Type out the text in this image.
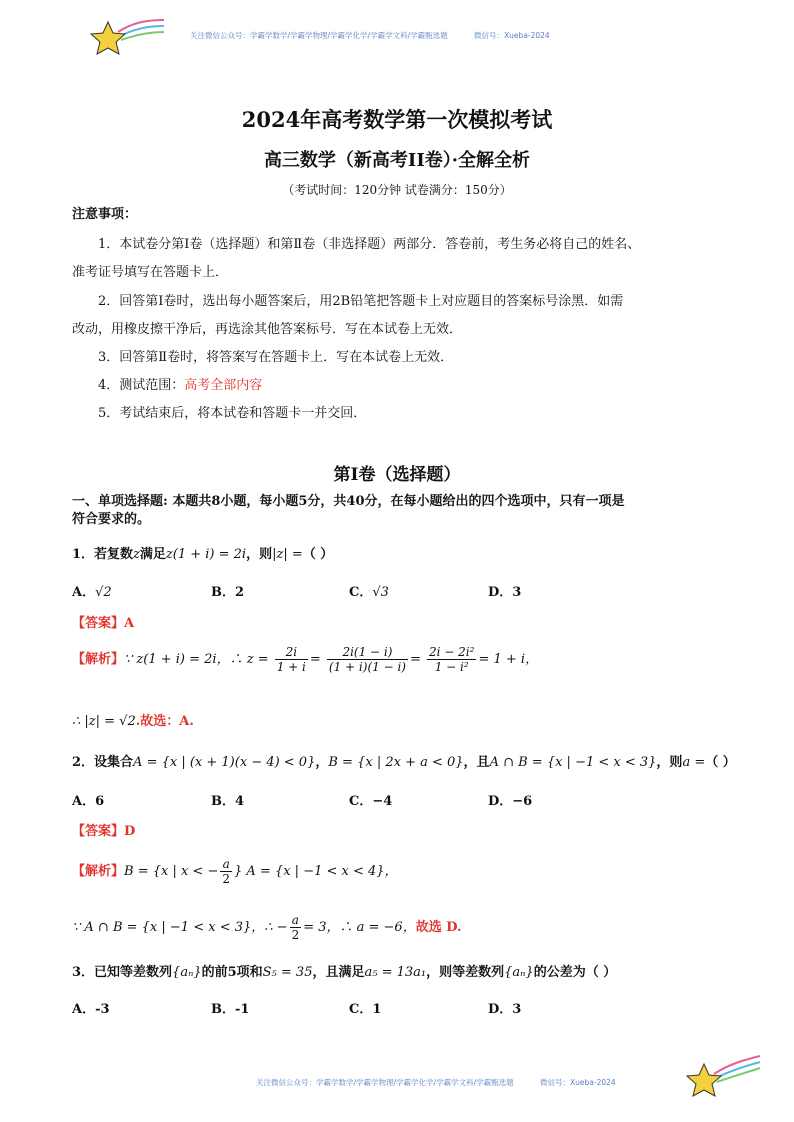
关注微信公众号：学霸学数学/学霸学物理/学霸学化学/学霸学文科/学霸甄选题	微信号：Xueba-2024
2024年高考数学第一次模拟考试
高三数学（新高考II卷）·全解全析
（考试时间：120分钟 试卷满分：150分）
注意事项：
1．本试卷分第Ⅰ卷（选择题）和第Ⅱ卷（非选择题）两部分．答卷前，考生务必将自己的姓名、
准考证号填写在答题卡上．
2．回答第Ⅰ卷时，选出每小题答案后，用2B铅笔把答题卡上对应题目的答案标号涂黑．如需
改动，用橡皮擦干净后，再选涂其他答案标号．写在本试卷上无效．
3．回答第Ⅱ卷时，将答案写在答题卡上．写在本试卷上无效．
4．测试范围：高考全部内容
5．考试结束后，将本试卷和答题卡一并交回．
第Ⅰ卷（选择题）
一、单项选择题: 本题共8小题，每小题5分，共40分，在每小题给出的四个选项中，只有一项是
符合要求的。
1．若复数z满足z(1 + i) = 2i，则|z| =（ ）
A．√2	B．2	C．√3	D．3
【答案】A
【解析】∵ z(1 + i) = 2i，∴ $z = \frac{2i}{1 + i} = \frac{2i(1 - i)}{(1 + i)(1 - i)} = \frac{\text{2i − 2i²}}{\text{1 − i²}} = 1 + i$，
∴ |z| = √2.故选：A.
2．设集合A = {x | (x + 1)(x − 4) < 0}，B = {x | 2x + a < 0}，且A ∩ B = {x | −1 < x < 3}，则a =（ ）
A．6	B．4	C．−4	D．−6
【答案】D
【解析】B = {x | x < − $\frac{a}{2}$ } A = {x | −1 < x < 4}，
∵ A ∩ B = {x | −1 < x < 3}，∴ − $\frac{a}{2} = 3$，∴ a = −6，故选 D.
3．已知等差数列{aₙ}的前5项和S₅ = 35，且满足a₅ = 13a₁，则等差数列{aₙ}的公差为（ ）
A．-3	B．-1	C．1	D．3
关注微信公众号：学霸学数学/学霸学物理/学霸学化学/学霸学文科/学霸甄选题	微信号：Xueba-2024
